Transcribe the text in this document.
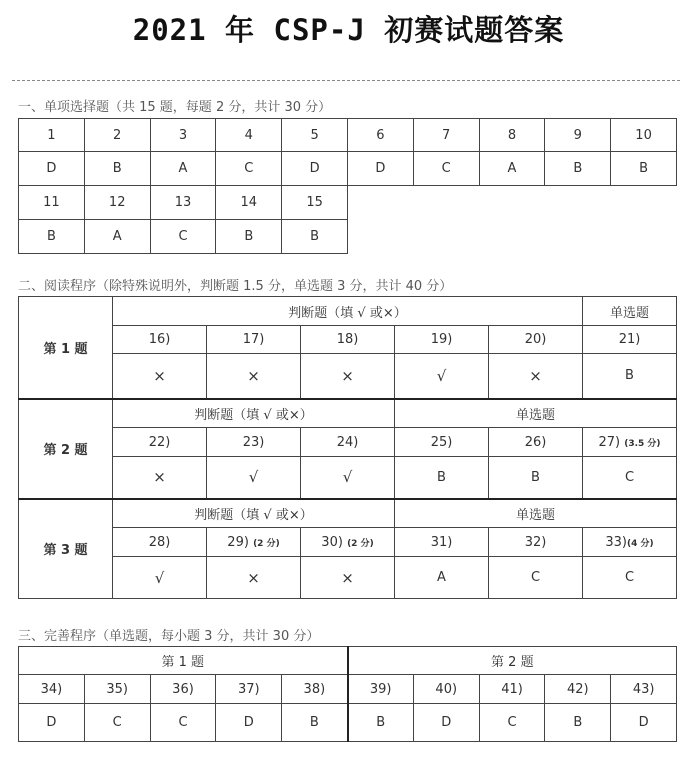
2021 年 CSP-J 初赛试题答案
一、单项选择题（共 15 题，每题 2 分，共计 30 分）
1	2	3	4	5	6	7	8	9	10
D	B	A	C	D	D	C	A	B	B
11	12	13	14	15					
B	A	C	B	B					
二、阅读程序（除特殊说明外，判断题 1.5 分，单选题 3 分，共计 40 分）
第 1 题	判断题（填 √ 或×）					单选题
	16)	17)	18)	19)	20)	21)
	×	×	×	√	×	B
第 2 题	判断题（填 √ 或×）			单选题		
	22)	23)	24)	25)	26)	27) (3.5 分)
	×	√	√	B	B	C
第 3 题	判断题（填 √ 或×）			单选题		
	28)	29) (2 分)	30) (2 分)	31)	32)	33)(4 分)
	√	×	×	A	C	C
三、完善程序（单选题，每小题 3 分，共计 30 分）
第 1 题					第 2 题				
34)	35)	36)	37)	38)	39)	40)	41)	42)	43)
D	C	C	D	B	B	D	C	B	D
